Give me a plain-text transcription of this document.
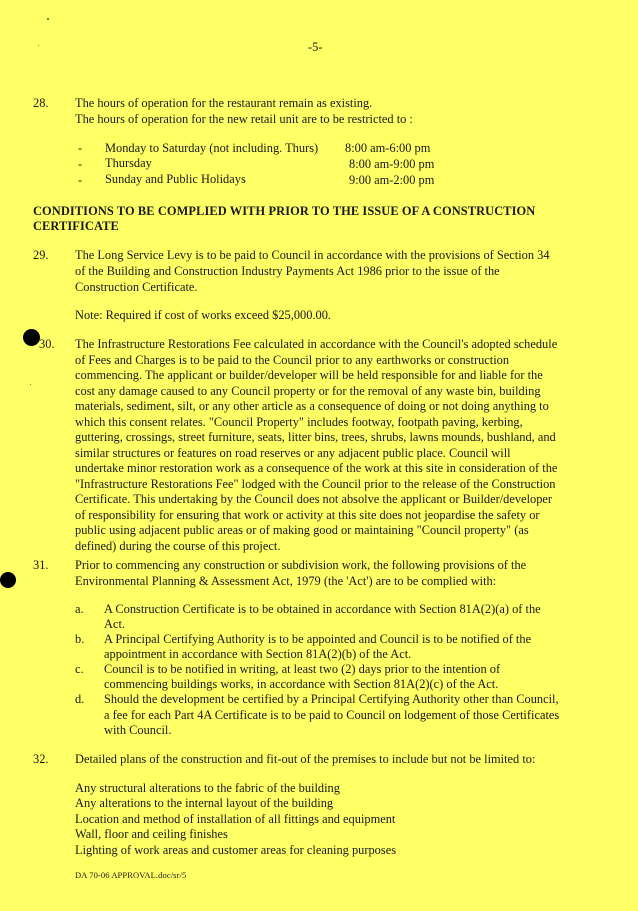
-5-
28. The hours of operation for the restaurant remain as existing.
The hours of operation for the new retail unit are to be restricted to :
- Monday to Saturday (not including. Thurs) 8:00 am-6:00 pm
- Thursday	8:00 am-9:00 pm
- Sunday and Public Holidays	9:00 am-2:00 pm
CONDITIONS TO BE COMPLIED WITH PRIOR TO THE ISSUE OF A CONSTRUCTION
CERTIFICATE
29. The Long Service Levy is to be paid to Council in accordance with the provisions of Section 34
of the Building and Construction Industry Payments Act 1986 prior to the issue of the
Construction Certificate.
Note: Required if cost of works exceed $25,000.00.
30. The Infrastructure Restorations Fee calculated in accordance with the Council's adopted schedule
of Fees and Charges is to be paid to the Council prior to any earthworks or construction
commencing. The applicant or builder/developer will be held responsible for and liable for the
cost any damage caused to any Council property or for the removal of any waste bin, building
materials, sediment, silt, or any other article as a consequence of doing or not doing anything to
which this consent relates. "Council Property" includes footway, footpath paving, kerbing,
guttering, crossings, street furniture, seats, litter bins, trees, shrubs, lawns mounds, bushland, and
similar structures or features on road reserves or any adjacent public place. Council will
undertake minor restoration work as a consequence of the work at this site in consideration of the
"Infrastructure Restorations Fee" lodged with the Council prior to the release of the Construction
Certificate. This undertaking by the Council does not absolve the applicant or Builder/developer
of responsibility for ensuring that work or activity at this site does not jeopardise the safety or
public using adjacent public areas or of making good or maintaining "Council property" (as
defined) during the course of this project.
31. Prior to commencing any construction or subdivision work, the following provisions of the
Environmental Planning & Assessment Act, 1979 (the 'Act') are to be complied with:
a. A Construction Certificate is to be obtained in accordance with Section 81A(2)(a) of the
Act.
b. A Principal Certifying Authority is to be appointed and Council is to be notified of the
appointment in accordance with Section 81A(2)(b) of the Act.
c. Council is to be notified in writing, at least two (2) days prior to the intention of
commencing buildings works, in accordance with Section 81A(2)(c) of the Act.
d. Should the development be certified by a Principal Certifying Authority other than Council,
a fee for each Part 4A Certificate is to be paid to Council on lodgement of those Certificates
with Council.
32. Detailed plans of the construction and fit-out of the premises to include but not be limited to:
Any structural alterations to the fabric of the building
Any alterations to the internal layout of the building
Location and method of installation of all fittings and equipment
Wall, floor and ceiling finishes
Lighting of work areas and customer areas for cleaning purposes
DA 70-06 APPROVAL.doc/sr/5
